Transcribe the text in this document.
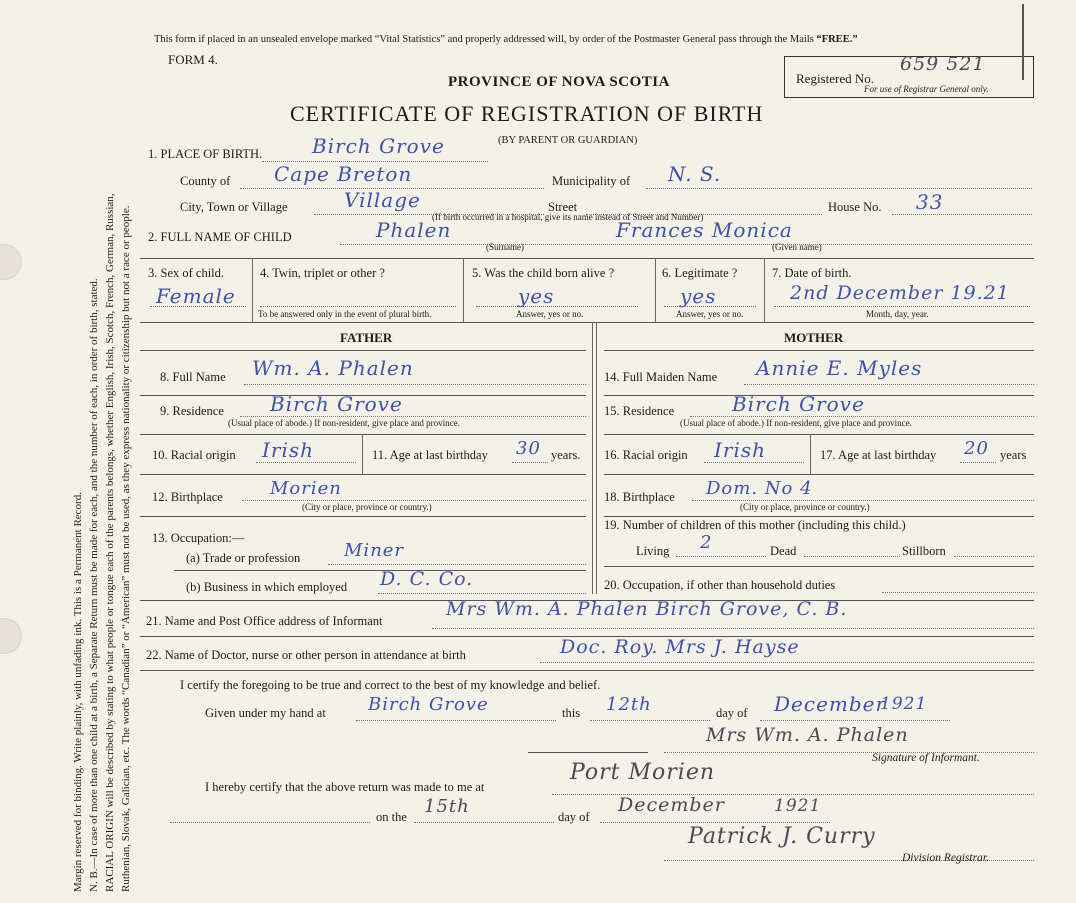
Margin reserved for binding. Write plainly, with unfading ink. This is a Permanent Record. N. B.—In case of more than one child at a birth, a Separate Return must be made for each, and the number of each, in order of birth, stated. RACIAL ORIGIN will be described by stating to what people or tongue each of the parents belongs, whether English, Irish, Scotch, French, German, Russian, Ruthenian, Slovak, Galician, etc. The words “Canadian” or “American” must not be used, as they express nationality or citizenship but not a race or people.
This form if placed in an unsealed envelope marked “Vital Statistics” and properly addressed will, by order of the Postmaster General pass through the Mails “FREE.”
FORM 4.
PROVINCE OF NOVA SCOTIA
CERTIFICATE OF REGISTRATION OF BIRTH
(BY PARENT OR GUARDIAN)
Registered No.
659 521
For use of Registrar General only.
1. PLACE OF BIRTH. Birch Grove
County of Cape Breton	Municipality of N. S.
City, Town or Village	Village	Street	House No. 33
(If birth occurred in a hospital, give its name instead of Street and Number)
2. FULL NAME OF CHILD	Phalen	Frances Monica
(Surname)	(Given name)
3. Sex of child.
Female
4. Twin, triplet or other ?
To be answered only in the event of plural birth.
5. Was the child born alive ?
yes
Answer, yes or no.
6. Legitimate ?
yes
Answer, yes or no.
7. Date of birth.
2nd December 19.21
Month, day, year.
FATHER	MOTHER
8. Full Name Wm. A. Phalen
9. Residence Birch Grove
(Usual place of abode.) If non-resident, give place and province.
10. Racial origin Irish	11. Age at last birthday 30 years.
12. Birthplace	Morien
(City or place, province or country.)
13. Occupation:—
(a) Trade or profession Miner
(b) Business in which employed D. C. Co.
14. Full Maiden Name Annie E. Myles
15. Residence	Birch Grove
(Usual place of abode.) If non-resident, give place and province.
16. Racial origin Irish	17. Age at last birthday 20 years
18. Birthplace Dom. No 4
(City or place, province or country.)
19. Number of children of this mother (including this child.)
Living 2	Dead	Stillborn
20. Occupation, if other than household duties
21. Name and Post Office address of Informant
Mrs Wm. A. Phalen Birch Grove, C. B.
22. Name of Doctor, nurse or other person in attendance at birth	Doc. Roy. Mrs J. Hayse
I certify the foregoing to be true and correct to the best of my knowledge and belief.
Given under my hand at Birch Grove	this 12th	day of December
1921
Mrs Wm. A. Phalen
Signature of Informant.
I hereby certify that the above return was made to me at
Port Morien
on the 15th	day of
December	1921
Patrick J. Curry
Division Registrar.
